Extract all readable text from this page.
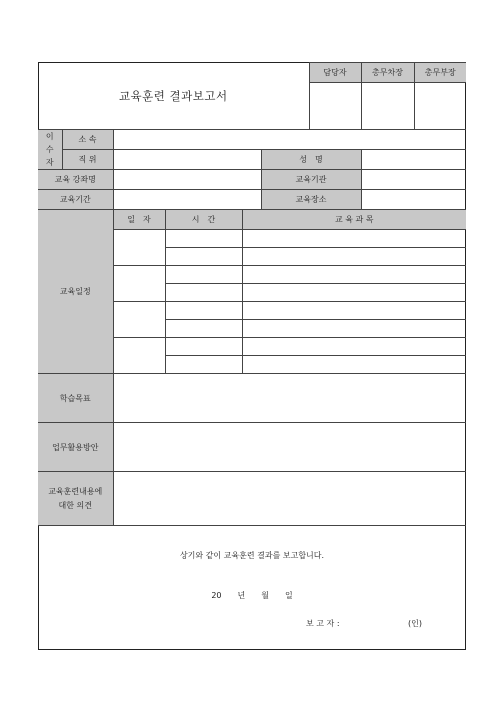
교육훈련 결과보고서						담당자	총무차장	총무부장

이
수
자	소 속							
	직 위				성　명			
교육 강좌명					교육기관			
교육기간					교육장소			
교육일정		일　자	시　간	교 육 과 목				

학습목표								
업무활용방안								
교육훈련내용에
대한 의견								
상기와 같이 교육훈련 결과를 보고합니다.
20　　년　　월　　일
보 고 자 :	(인)
